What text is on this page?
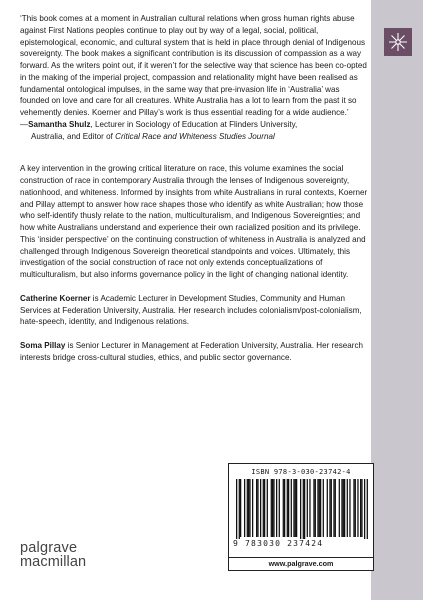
‘This book comes at a moment in Australian cultural relations when gross human rights abuse against First Nations peoples continue to play out by way of a legal, social, political, epistemological, economic, and cultural system that is held in place through denial of Indigenous sovereignty. The book makes a significant contribution is its discussion of compassion as a way forward. As the writers point out, if it weren’t for the selective way that science has been co-opted in the making of the imperial project, compassion and relationality might have been realised as fundamental ontological impulses, in the same way that pre-invasion life in ‘Australia’ was founded on love and care for all creatures. White Australia has a lot to learn from the past it so vehemently denies. Koerner and Pillay’s work is thus essential reading for a wide audience.’

—Samantha Shulz, Lecturer in Sociology of Education at Flinders University,
Australia, and Editor of Critical Race and Whiteness Studies Journal

A key intervention in the growing critical literature on race, this volume examines the social construction of race in contemporary Australia through the lenses of Indigenous sovereignty, nationhood, and whiteness. Informed by insights from white Australians in rural contexts, Koerner and Pillay attempt to answer how race shapes those who identify as white Australian; how those who self-identify thusly relate to the nation, multiculturalism, and Indigenous Sovereignties; and how white Australians understand and experience their own racialized position and its privilege. This ‘insider perspective’ on the continuing construction of whiteness in Australia is analyzed and challenged through Indigenous Sovereign theoretical standpoints and voices. Ultimately, this investigation of the social construction of race not only extends conceptualizations of multiculturalism, but also informs governance policy in the light of changing national identity.

Catherine Koerner is Academic Lecturer in Development Studies, Community and Human Services at Federation University, Australia. Her research includes colonialism/post-colonialism, hate-speech, identity, and Indigenous relations.

Soma Pillay is Senior Lecturer in Management at Federation University, Australia. Her research interests bridge cross-cultural studies, ethics, and public sector governance.

ISBN 978-3-030-23742-4
9 783030 237424
www.palgrave.com
palgrave
macmillan
